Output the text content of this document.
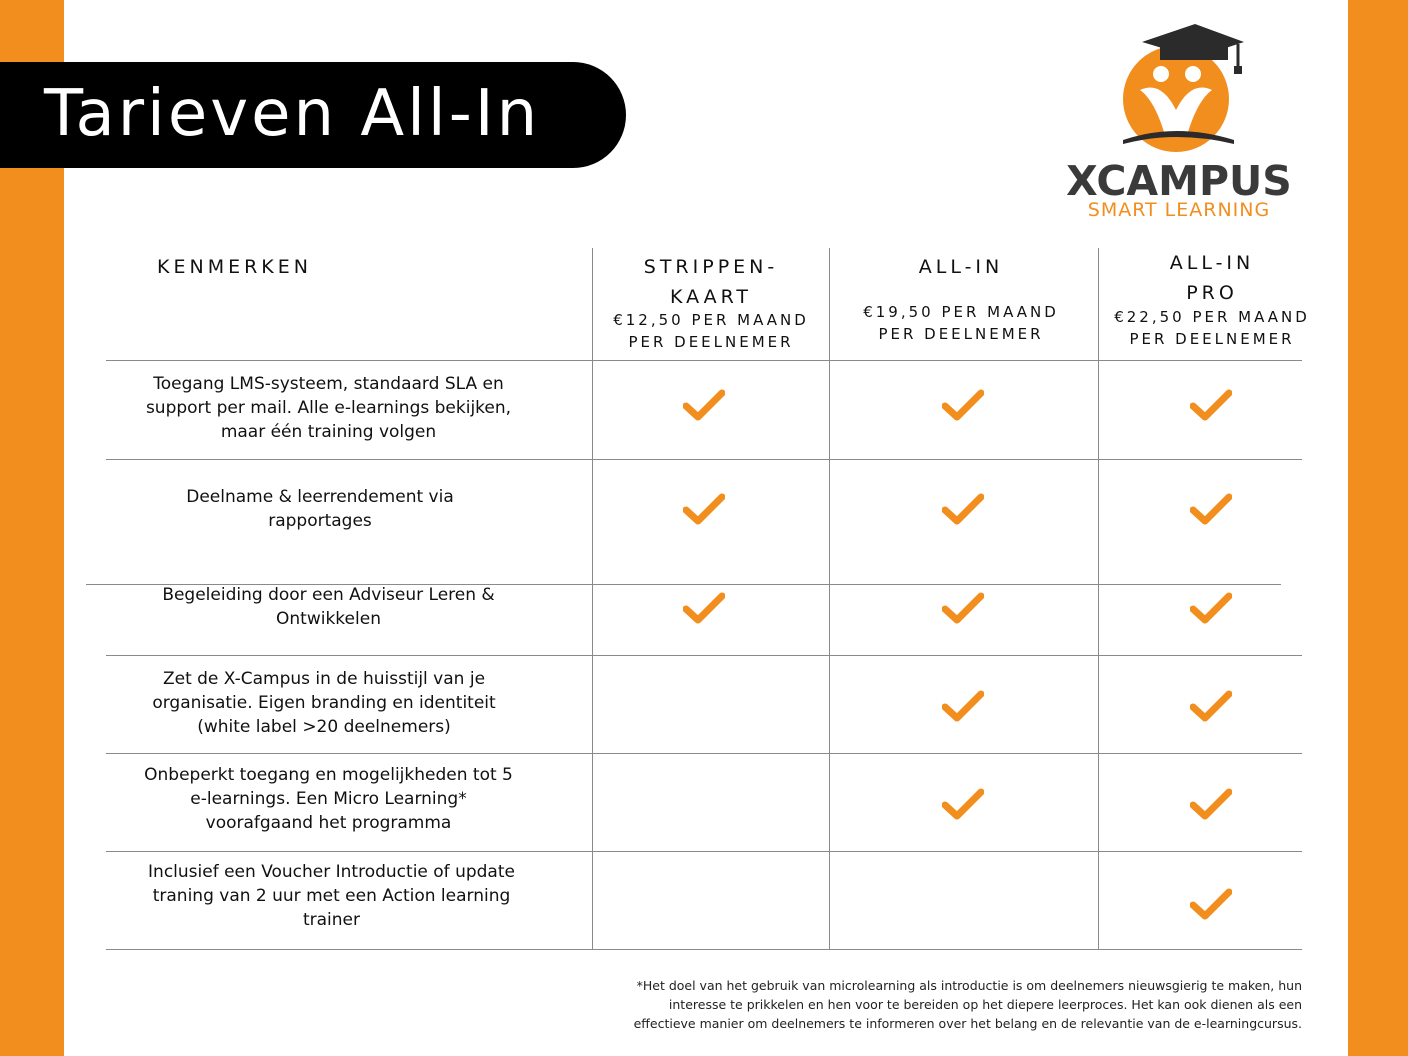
Tarieven All-In
XCAMPUS
SMART LEARNING
KENMERKEN	STRIPPEN-
KAART
€12,50 PER MAAND
PER DEELNEMER
ALL-IN
€19,50 PER MAAND
PER DEELNEMER
ALL-IN
PRO
€22,50 PER MAAND
PER DEELNEMER
Toegang LMS-systeem, standaard SLA en
support per mail. Alle e-learnings bekijken,
maar één training volgen
Deelname & leerrendement via
rapportages
Begeleiding door een Adviseur Leren &
Ontwikkelen
Zet de X-Campus in de huisstijl van je
organisatie. Eigen branding en identiteit
(white label >20 deelnemers)
Onbeperkt toegang en mogelijkheden tot 5
e-learnings. Een Micro Learning*
voorafgaand het programma
Inclusief een Voucher Introductie of update
traning van 2 uur met een Action learning
trainer
*Het doel van het gebruik van microlearning als introductie is om deelnemers nieuwsgierig te maken, hun
interesse te prikkelen en hen voor te bereiden op het diepere leerproces. Het kan ook dienen als een
effectieve manier om deelnemers te informeren over het belang en de relevantie van de e-learningcursus.
